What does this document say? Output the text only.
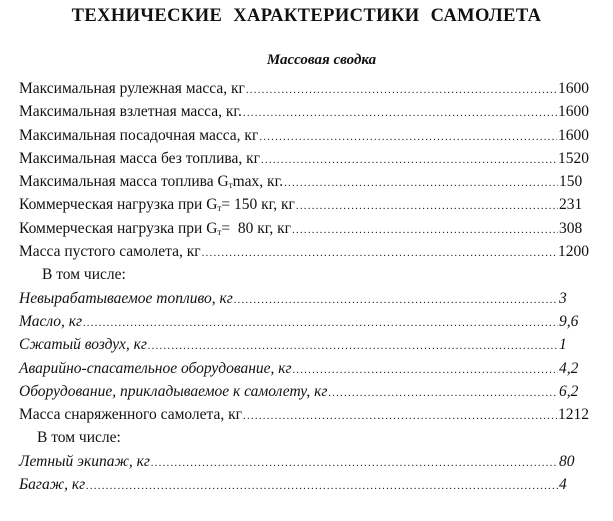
ТЕХНИЧЕСКИЕ ХАРАКТЕРИСТИКИ САМОЛЕТА
Массовая сводка
Максимальная рулежная масса, кг .....	1600
Максимальная взлетная масса, кг. .....	1600
Максимальная посадочная масса, кг .....	1600
Максимальная масса без топлива, кг .....	1520
Максимальная масса топлива $G_т\max$, кг. .....	150
Коммерческая нагрузка при $G_т= 150$ кг, кг .....	231
Коммерческая нагрузка при $G_т= 80$ кг, кг .....	308
Масса пустого самолета, кг .....	1200
В том числе:
Невырабатываемое топливо, кг .....	3
Масло, кг .....	9,6
Сжатый воздух, кг .....	1
Аварийно-спасательное оборудование, кг .....	4,2
Оборудование, прикладываемое к самолету, кг .....	6,2
Масса снаряженного самолета, кг .....	1212
В том числе:
Летный экипаж, кг .....	80
Багаж, кг .....	4
